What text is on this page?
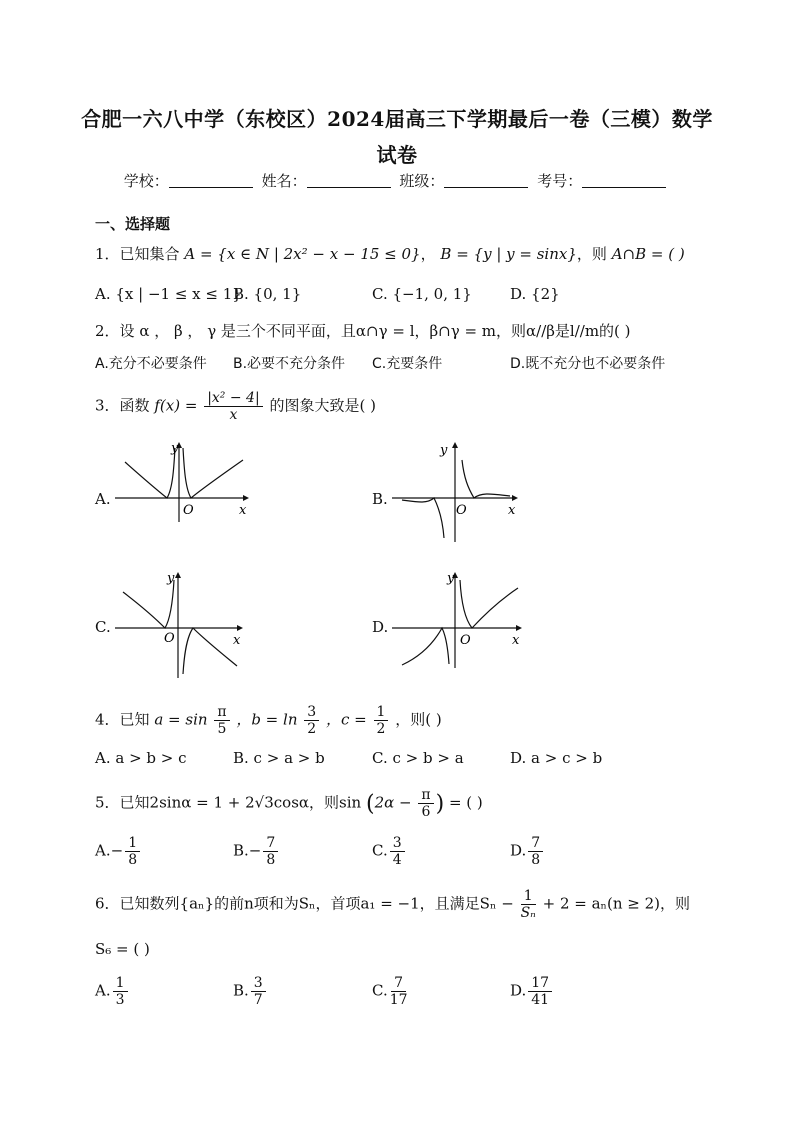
合肥一六八中学（东校区）2024届高三下学期最后一卷（三模）数学
试卷
学校：	姓名：	班级：	考号：
一、选择题
1．已知集合 A = {x ∈ N | 2x² − x − 15 ≤ 0}， B = {y | y = sinx}，则 A∩B = ( )
A. {x | −1 ≤ x ≤ 1}
B. {0, 1}	C. {−1, 0, 1}	D. {2}
2．设 α ， β ， γ 是三个不同平面，且α∩γ = l，β∩γ = m，则α//β是l//m的( )
A.充分不必要条件 B.必要不充分条件 C.充要条件	D.既不充分也不必要条件
3．函数 $f(x) = \frac{\text{|x² − 4|}}{x}$ 的图象大致是( )
A.
y
x
O
B.
y
x
O
C.
y
x
O
D.
y
x
O
4．已知 $a = \sin \frac{\pi}{5}$ ，$b = \ln \frac{3}{2}$ ，$c = \frac{1}{2}$ ，则( )
A. a > b > c	B. c > a > b	C. c > b > a	D. a > c > b
5．已知2sinα = 1 + 2√3cosα，则$\sin (2\alpha - \frac{\pi}{6}$ ) = ( )
$A.- \frac{1}{8}$	$B.- \frac{7}{8}$	C. $\frac{3}{4}$	D. $\frac{7}{8}$
6．已知数列{aₙ}的前n项和为Sₙ，首项a₁ = −1，且满足$S_n - \frac{1}{\text{Sₙ}} + 2 = a_n(n \ge 2)$，则
S₆ = ( )
A. $\frac{1}{3}$	B. $\frac{3}{7}$	C. $\frac{7}{17}$	D. $\frac{17}{41}$
